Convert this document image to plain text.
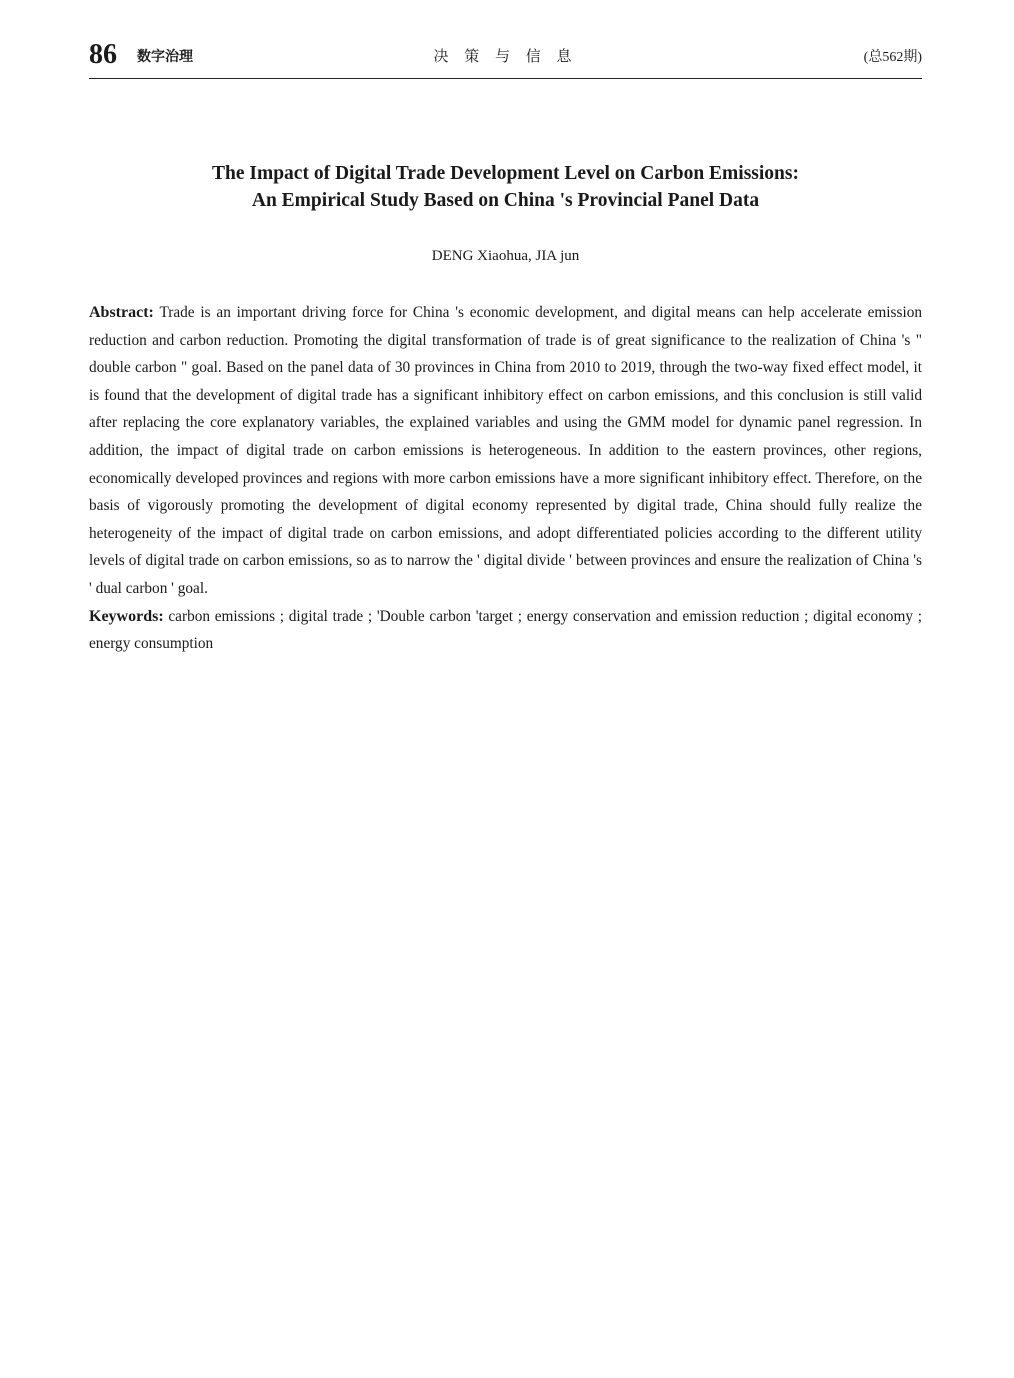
86 数字治理	决 策 与 信 息	(总562期)
The Impact of Digital Trade Development Level on Carbon Emissions:
An Empirical Study Based on China 's Provincial Panel Data
DENG Xiaohua, JIA jun

Abstract: Trade is an important driving force for China 's economic development, and digital means can help accelerate emission reduction and carbon reduction. Promoting the digital transformation of trade is of great significance to the realization of China 's " double carbon " goal. Based on the panel data of 30 provinces in China from 2010 to 2019, through the two-way fixed effect model, it is found that the development of digital trade has a significant inhibitory effect on carbon emissions, and this conclusion is still valid after replacing the core explanatory variables, the explained variables and using the GMM model for dynamic panel regression. In addition, the impact of digital trade on carbon emissions is heterogeneous. In addition to the eastern provinces, other regions, economically developed provinces and regions with more carbon emissions have a more significant inhibitory effect. Therefore, on the basis of vigorously promoting the development of digital economy represented by digital trade, China should fully realize the heterogeneity of the impact of digital trade on carbon emissions, and adopt differentiated policies according to the different utility levels of digital trade on carbon emissions, so as to narrow the ' digital divide ' between provinces and ensure the realization of China 's ' dual carbon ' goal.

Keywords: carbon emissions ; digital trade ; 'Double carbon 'target ; energy conservation and emission reduction ; digital economy ; energy consumption
